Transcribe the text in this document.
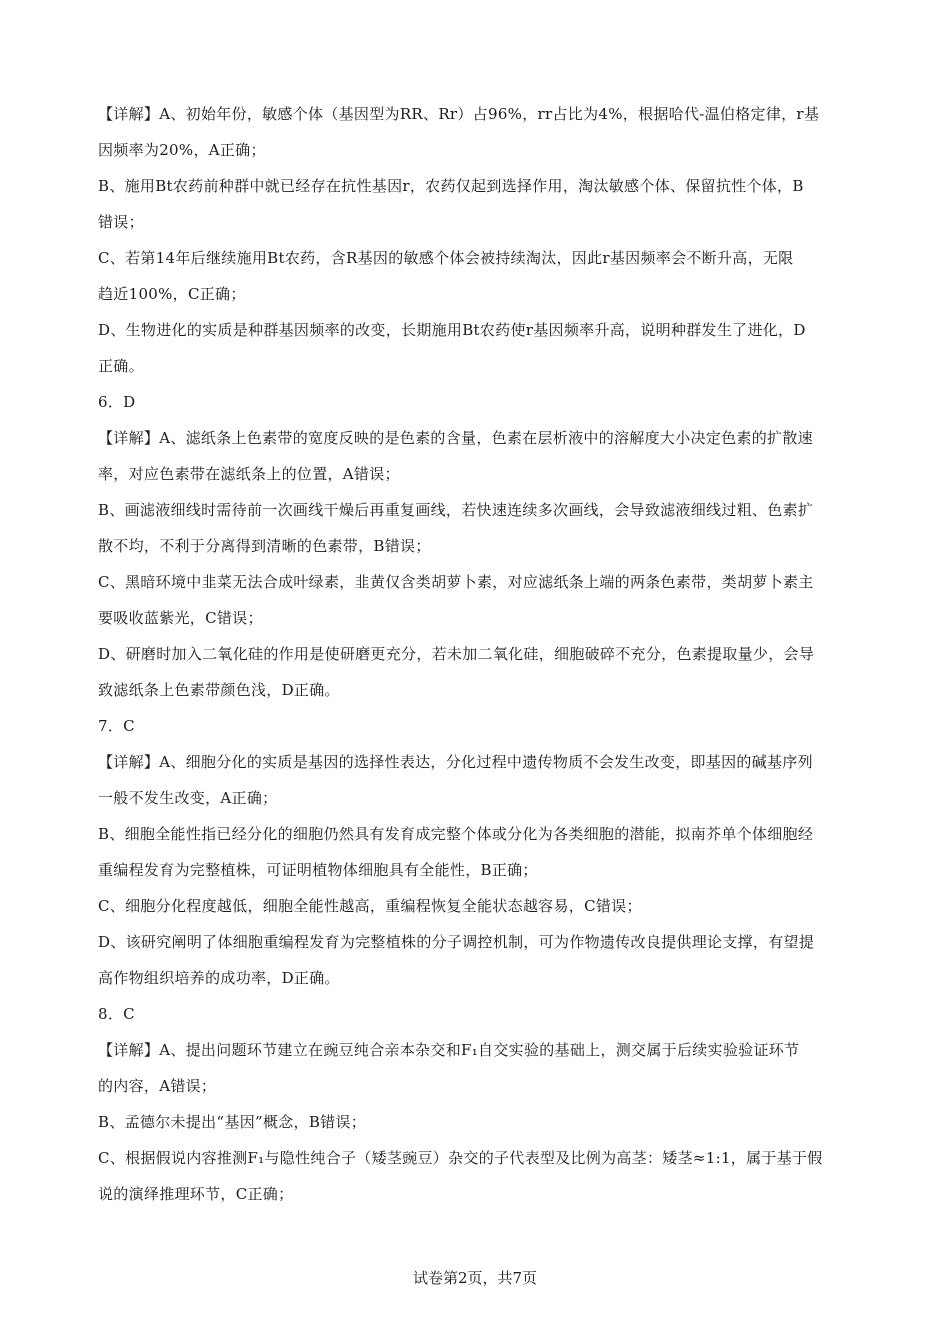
【详解】A、初始年份，敏感个体（基因型为RR、Rr）占96%，rr占比为4%，根据哈代-温伯格定律，r基
因频率为20%，A正确；
B、施用Bt农药前种群中就已经存在抗性基因r，农药仅起到选择作用，淘汰敏感个体、保留抗性个体，B
错误；
C、若第14年后继续施用Bt农药，含R基因的敏感个体会被持续淘汰，因此r基因频率会不断升高，无限
趋近100%，C正确；
D、生物进化的实质是种群基因频率的改变，长期施用Bt农药使r基因频率升高，说明种群发生了进化，D
正确。
6．D
【详解】A、滤纸条上色素带的宽度反映的是色素的含量，色素在层析液中的溶解度大小决定色素的扩散速
率，对应色素带在滤纸条上的位置，A错误；
B、画滤液细线时需待前一次画线干燥后再重复画线，若快速连续多次画线，会导致滤液细线过粗、色素扩
散不均，不利于分离得到清晰的色素带，B错误；
C、黑暗环境中韭菜无法合成叶绿素，韭黄仅含类胡萝卜素，对应滤纸条上端的两条色素带，类胡萝卜素主
要吸收蓝紫光，C错误；
D、研磨时加入二氧化硅的作用是使研磨更充分，若未加二氧化硅，细胞破碎不充分，色素提取量少，会导
致滤纸条上色素带颜色浅，D正确。
7．C
【详解】A、细胞分化的实质是基因的选择性表达，分化过程中遗传物质不会发生改变，即基因的碱基序列
一般不发生改变，A正确；
B、细胞全能性指已经分化的细胞仍然具有发育成完整个体或分化为各类细胞的潜能，拟南芥单个体细胞经
重编程发育为完整植株，可证明植物体细胞具有全能性，B正确；
C、细胞分化程度越低，细胞全能性越高，重编程恢复全能状态越容易，C错误；
D、该研究阐明了体细胞重编程发育为完整植株的分子调控机制，可为作物遗传改良提供理论支撑，有望提
高作物组织培养的成功率，D正确。
8．C
【详解】A、提出问题环节建立在豌豆纯合亲本杂交和F₁自交实验的基础上，测交属于后续实验验证环节
的内容，A错误；
B、孟德尔未提出“基因”概念，B错误；
C、根据假说内容推测F₁与隐性纯合子（矮茎豌豆）杂交的子代表型及比例为高茎：矮茎≈1:1，属于基于假
说的演绎推理环节，C正确；
试卷第2页，共7页
